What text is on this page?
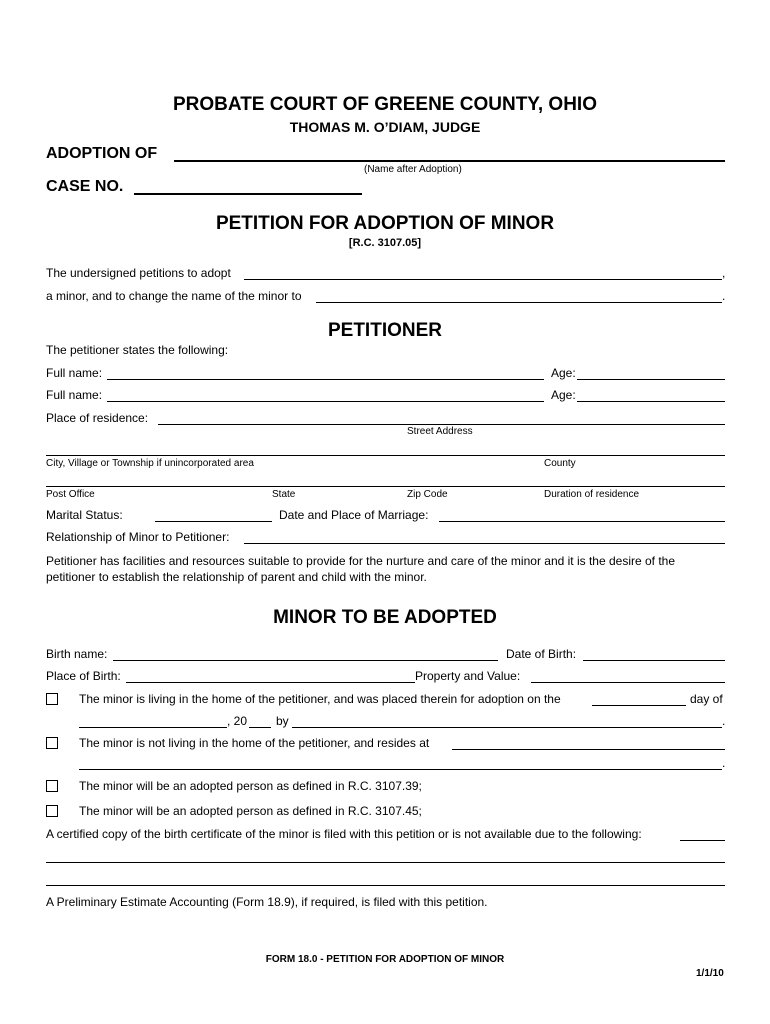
PROBATE COURT OF GREENE COUNTY, OHIO
THOMAS M. O’DIAM, JUDGE
ADOPTION OF
(Name after Adoption)
CASE NO.
PETITION FOR ADOPTION OF MINOR
[R.C. 3107.05]
The undersigned petitions to adopt	,
a minor, and to change the name of the minor to	.
PETITIONER
The petitioner states the following:
Full name:	Age:
Full name:	Age:
Place of residence:
Street Address
City, Village or Township if unincorporated area	County
Post Office	State	Zip Code	Duration of residence
Marital Status:	Date and Place of Marriage:
Relationship of Minor to Petitioner:
Petitioner has facilities and resources suitable to provide for the nurture and care of the minor and it is the desire of the petitioner to establish the relationship of parent and child with the minor.
MINOR TO BE ADOPTED
Birth name:	Date of Birth:
Place of Birth:	Property and Value:
The minor is living in the home of the petitioner, and was placed therein for adoption on the	day of
, 20 by	.
The minor is not living in the home of the petitioner, and resides at
.
The minor will be an adopted person as defined in R.C. 3107.39;
The minor will be an adopted person as defined in R.C. 3107.45;
A certified copy of the birth certificate of the minor is filed with this petition or is not available due to the following:
A Preliminary Estimate Accounting (Form 18.9), if required, is filed with this petition.
FORM 18.0 - PETITION FOR ADOPTION OF MINOR
1/1/10
